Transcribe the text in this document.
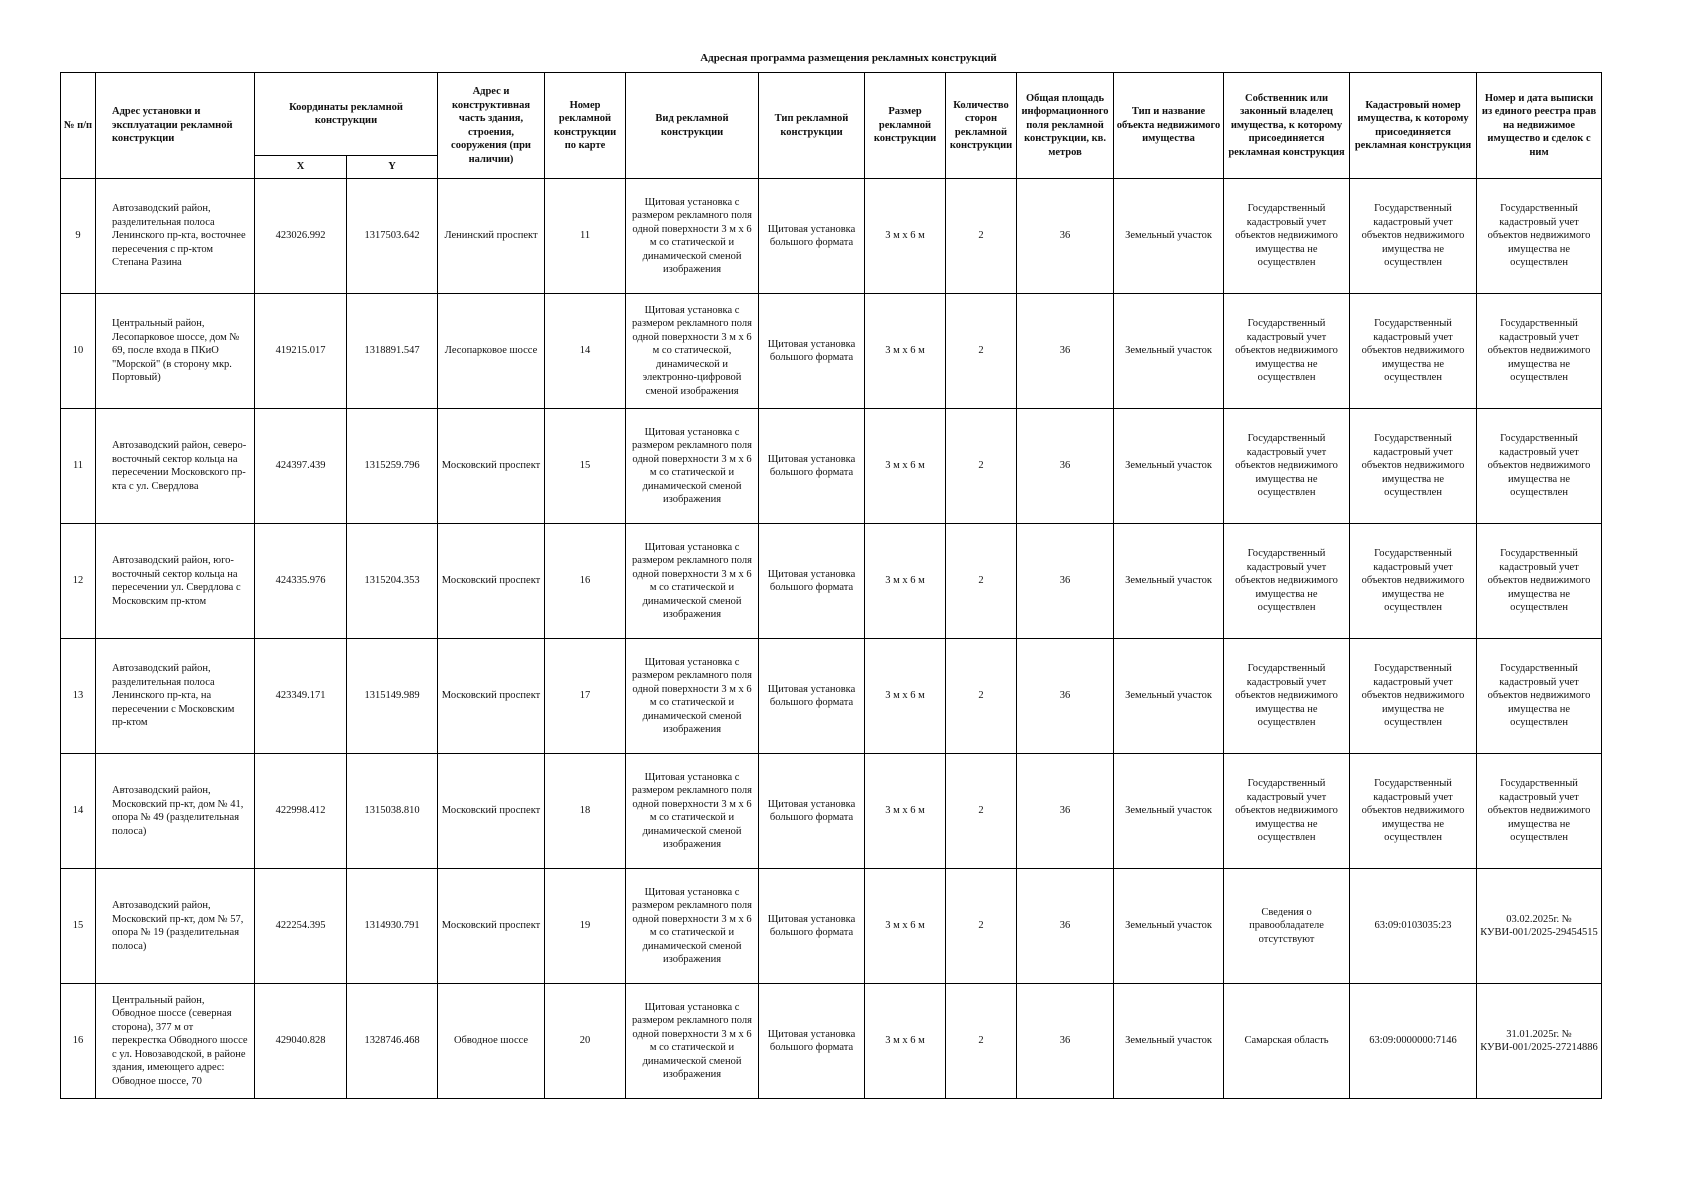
Адресная программа размещения рекламных конструкций
№ п/п	Адрес установки и эксплуатации рекламной конструкции	Координаты рекламной конструкции		Адрес и конструктивная часть здания, строения, сооружения (при наличии)	Номер рекламной конструкции по карте	Вид рекламной конструкции	Тип рекламной конструкции	Размер рекламной конструкции	Количество сторон рекламной конструкции	Общая площадь информационного поля рекламной конструкции, кв. метров	Тип и название объекта недвижимого имущества	Собственник или законный владелец имущества, к которому присоединяется рекламная конструкция	Кадастровый номер имущества, к которому присоединяется рекламная конструкция	Номер и дата выписки из единого реестра прав на недвижимое имущество и сделок с ним
		X	Y											
9	Автозаводский район, разделительная полоса Ленинского пр-кта, восточнее пересечения с пр-ктом Степана Разина	423026.992	1317503.642	Ленинский проспект	11	Щитовая установка с размером рекламного поля одной поверхности 3 м х 6 м со статической и динамической сменой изображения	Щитовая установка большого формата	3 м х 6 м	2	36	Земельный участок	Государственный кадастровый учет объектов недвижимого имущества не осуществлен	Государственный кадастровый учет объектов недвижимого имущества не осуществлен	Государственный кадастровый учет объектов недвижимого имущества не осуществлен
10	Центральный район, Лесопарковое шоссе, дом № 69, после входа в ПКиО "Морской" (в сторону мкр. Портовый)	419215.017	1318891.547	Лесопарковое шоссе	14	Щитовая установка с размером рекламного поля одной поверхности 3 м х 6 м со статической, динамической и электронно-цифровой сменой изображения	Щитовая установка большого формата	3 м х 6 м	2	36	Земельный участок	Государственный кадастровый учет объектов недвижимого имущества не осуществлен	Государственный кадастровый учет объектов недвижимого имущества не осуществлен	Государственный кадастровый учет объектов недвижимого имущества не осуществлен
11	Автозаводский район, северо-восточный сектор кольца на пересечении Московского пр-кта с ул. Свердлова	424397.439	1315259.796	Московский проспект	15	Щитовая установка с размером рекламного поля одной поверхности 3 м х 6 м со статической и динамической сменой изображения	Щитовая установка большого формата	3 м х 6 м	2	36	Земельный участок	Государственный кадастровый учет объектов недвижимого имущества не осуществлен	Государственный кадастровый учет объектов недвижимого имущества не осуществлен	Государственный кадастровый учет объектов недвижимого имущества не осуществлен
12	Автозаводский район, юго-восточный сектор кольца на пересечении ул. Свердлова с Московским пр-ктом	424335.976	1315204.353	Московский проспект	16	Щитовая установка с размером рекламного поля одной поверхности 3 м х 6 м со статической и динамической сменой изображения	Щитовая установка большого формата	3 м х 6 м	2	36	Земельный участок	Государственный кадастровый учет объектов недвижимого имущества не осуществлен	Государственный кадастровый учет объектов недвижимого имущества не осуществлен	Государственный кадастровый учет объектов недвижимого имущества не осуществлен
13	Автозаводский район, разделительная полоса Ленинского пр-кта, на пересечении с Московским пр-ктом	423349.171	1315149.989	Московский проспект	17	Щитовая установка с размером рекламного поля одной поверхности 3 м х 6 м со статической и динамической сменой изображения	Щитовая установка большого формата	3 м х 6 м	2	36	Земельный участок	Государственный кадастровый учет объектов недвижимого имущества не осуществлен	Государственный кадастровый учет объектов недвижимого имущества не осуществлен	Государственный кадастровый учет объектов недвижимого имущества не осуществлен
14	Автозаводский район, Московский пр-кт, дом № 41, опора № 49 (разделительная полоса)	422998.412	1315038.810	Московский проспект	18	Щитовая установка с размером рекламного поля одной поверхности 3 м х 6 м со статической и динамической сменой изображения	Щитовая установка большого формата	3 м х 6 м	2	36	Земельный участок	Государственный кадастровый учет объектов недвижимого имущества не осуществлен	Государственный кадастровый учет объектов недвижимого имущества не осуществлен	Государственный кадастровый учет объектов недвижимого имущества не осуществлен
15	Автозаводский район, Московский пр-кт, дом № 57, опора № 19 (разделительная полоса)	422254.395	1314930.791	Московский проспект	19	Щитовая установка с размером рекламного поля одной поверхности 3 м х 6 м со статической и динамической сменой изображения	Щитовая установка большого формата	3 м х 6 м	2	36	Земельный участок	Сведения о правообладателе отсутствуют	63:09:0103035:23	03.02.2025г. № КУВИ-001/2025-29454515
16	Центральный район, Обводное шоссе (северная сторона), 377 м от перекрестка Обводного шоссе с ул. Новозаводской, в районе здания, имеющего адрес: Обводное шоссе, 70	429040.828	1328746.468	Обводное шоссе	20	Щитовая установка с размером рекламного поля одной поверхности 3 м х 6 м со статической и динамической сменой изображения	Щитовая установка большого формата	3 м х 6 м	2	36	Земельный участок	Самарская область	63:09:0000000:7146	31.01.2025г. № КУВИ-001/2025-27214886
